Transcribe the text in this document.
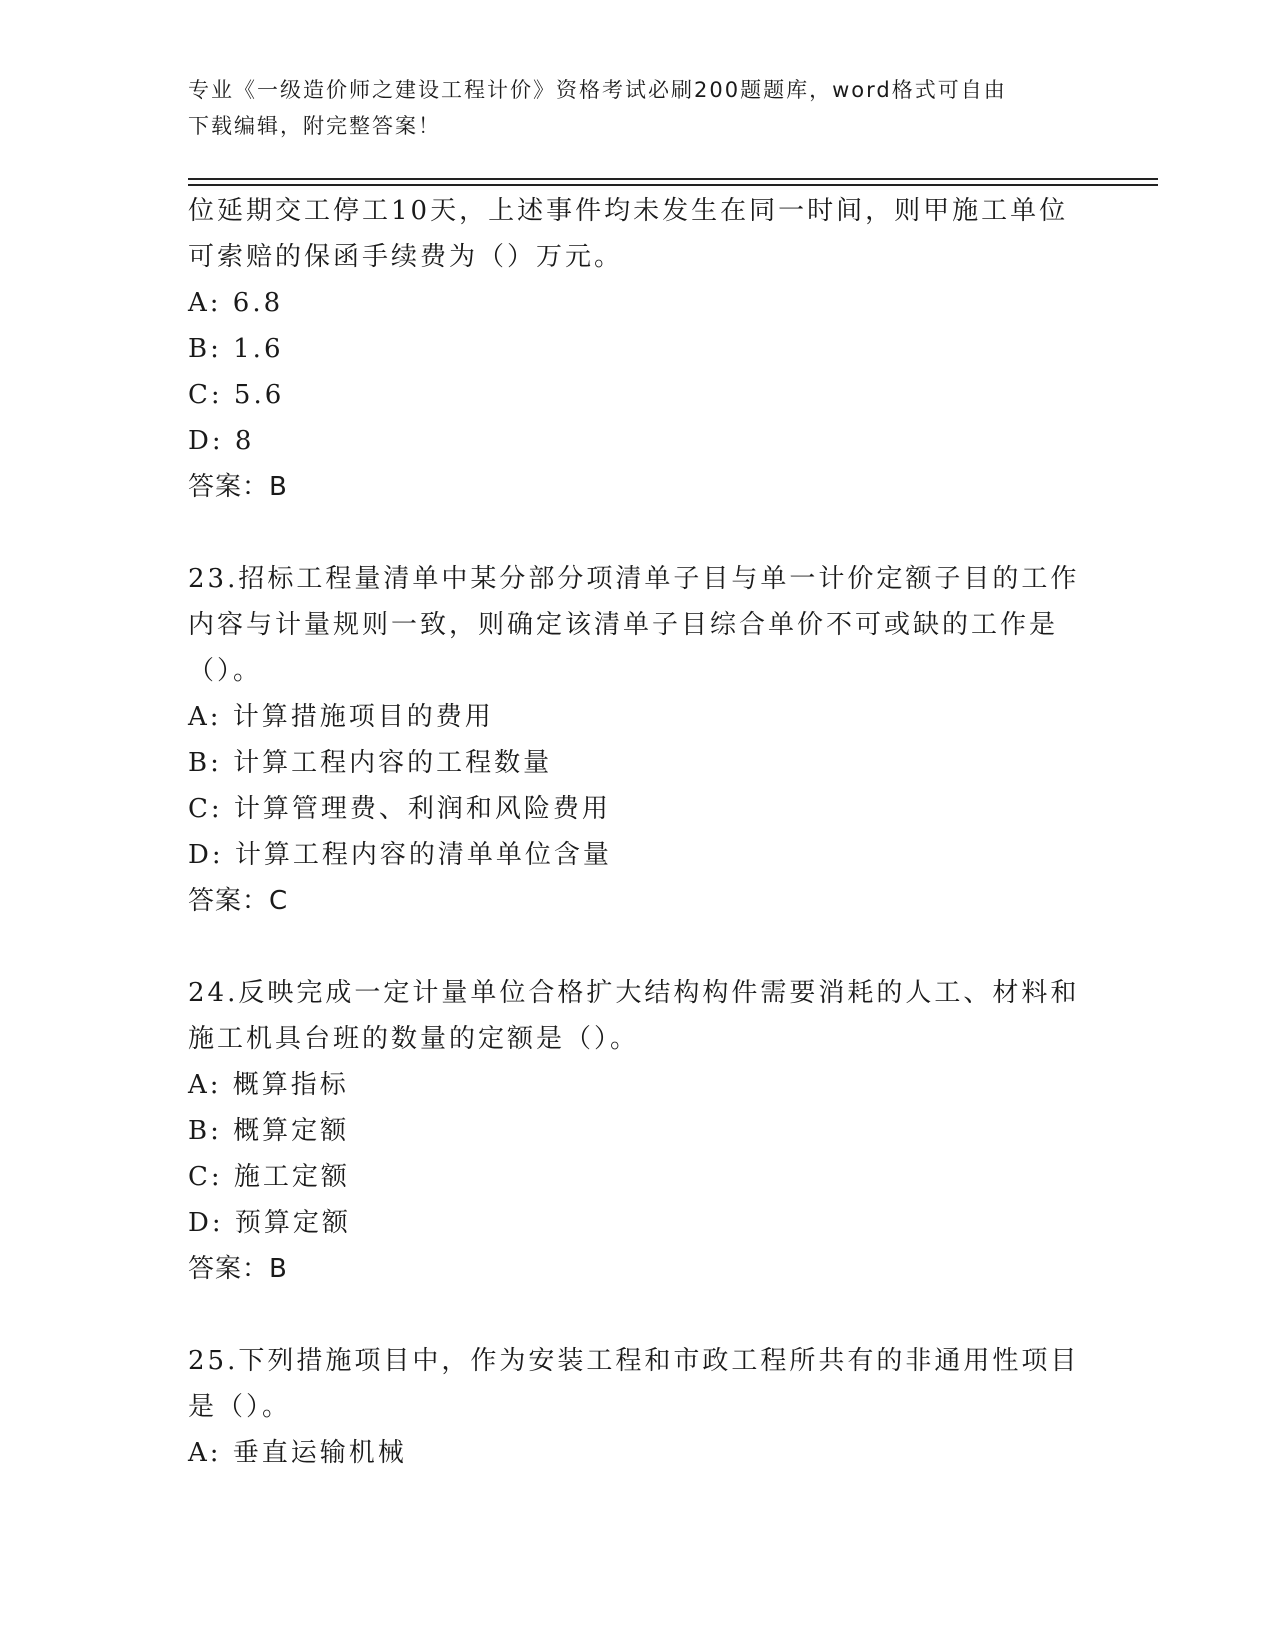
专业《一级造价师之建设工程计价》资格考试必刷200题题库，word格式可自由
下载编辑，附完整答案！
位延期交工停工10天，上述事件均未发生在同一时间，则甲施工单位
可索赔的保函手续费为（）万元。
A: 6.8
B: 1.6
C: 5.6
D: 8
答案：B
23.招标工程量清单中某分部分项清单子目与单一计价定额子目的工作
内容与计量规则一致，则确定该清单子目综合单价不可或缺的工作是
（）。
A: 计算措施项目的费用
B: 计算工程内容的工程数量
C: 计算管理费、利润和风险费用
D: 计算工程内容的清单单位含量
答案：C
24.反映完成一定计量单位合格扩大结构构件需要消耗的人工、材料和
施工机具台班的数量的定额是（）。
A: 概算指标
B: 概算定额
C: 施工定额
D: 预算定额
答案：B
25.下列措施项目中，作为安装工程和市政工程所共有的非通用性项目
是（）。
A: 垂直运输机械
